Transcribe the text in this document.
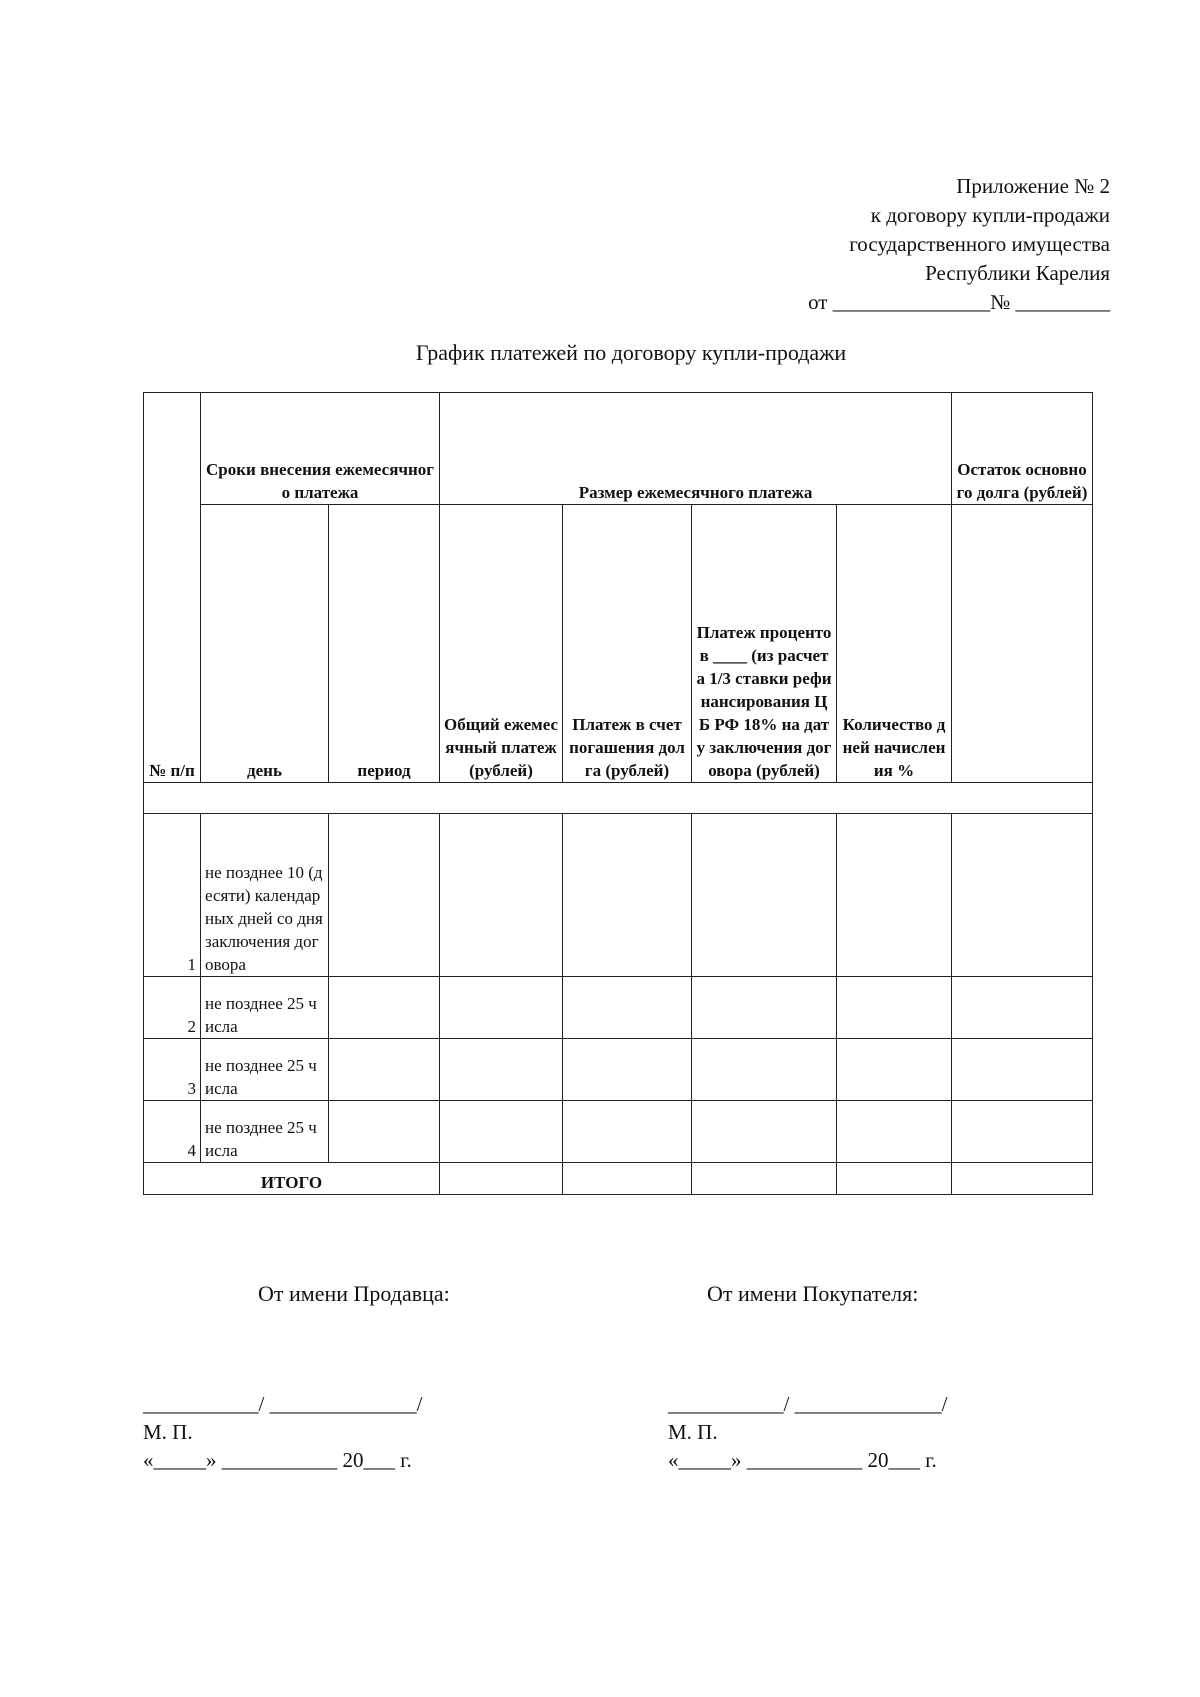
Приложение № 2
к договору купли-продажи
государственного имущества
Республики Карелия
от _______________№ _________
График платежей по договору купли-продажи
№ п/п	Сроки внесения ежемесячного платежа		Размер ежемесячного платежа				Остаток основного долга (рублей)
	день	период	Общий ежемесячный платеж (рублей)	Платеж в счет погашения долга (рублей)	Платеж процентов ____ (из расчета 1/3 ставки рефинансирования ЦБ РФ 18% на дату заключения договора (рублей)	Количество дней начисления %	

1	не позднее 10 (десяти) календарных дней со дня заключения договора						
2	не позднее 25 числа						
3	не позднее 25 числа						
4	не позднее 25 числа						
ИТОГО							
От имени Продавца:	От имени Покупателя:
___________/ ______________/
М. П.
«_____» ___________ 20___ г.
___________/ ______________/
М. П.
«_____» ___________ 20___ г.
